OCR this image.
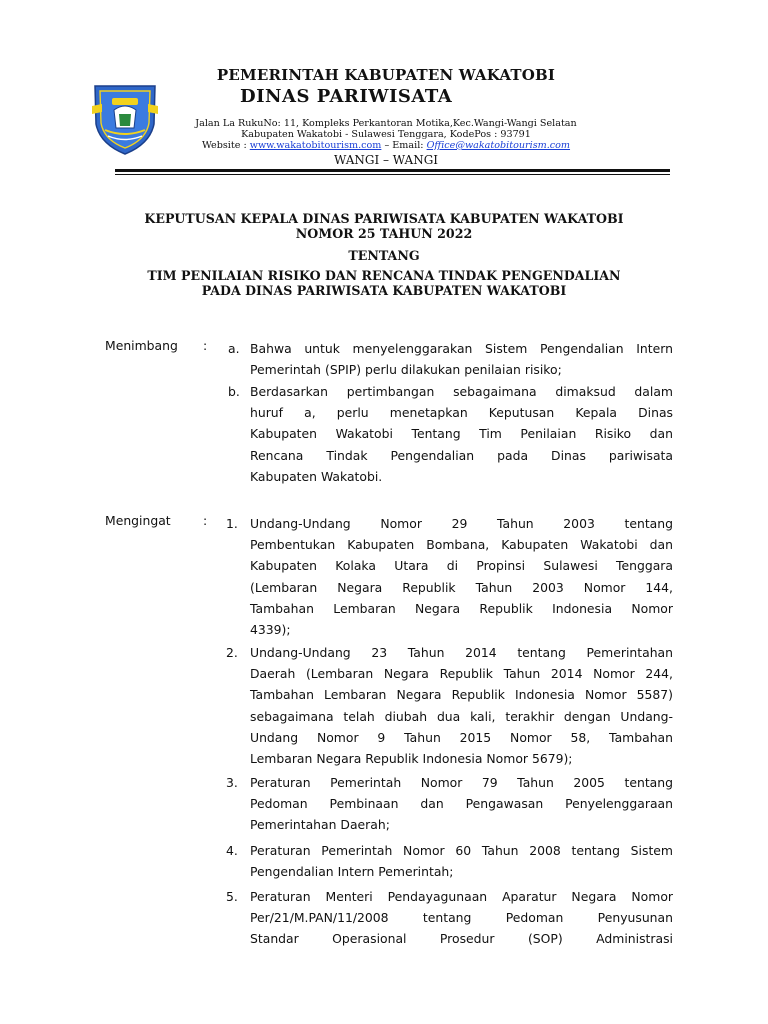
PEMERINTAH KABUPATEN WAKATOBI
DINAS PARIWISATA
Jalan La RukuNo: 11, Kompleks Perkantoran Motika,Kec.Wangi-Wangi Selatan
Kabupaten Wakatobi - Sulawesi Tenggara, KodePos : 93791
Website : www.wakatobitourism.com – Email: Office@wakatobitourism.com
WANGI – WANGI
KEPUTUSAN KEPALA DINAS PARIWISATA KABUPATEN WAKATOBI
NOMOR 25 TAHUN 2022
TENTANG
TIM PENILAIAN RISIKO DAN RENCANA TINDAK PENGENDALIAN
PADA DINAS PARIWISATA KABUPATEN WAKATOBI
Menimbang : a. Bahwa untuk menyelenggarakan Sistem Pengendalian Intern
Pemerintah (SPIP) perlu dilakukan penilaian risiko;
b. Berdasarkan pertimbangan sebagaimana dimaksud dalam
huruf a, perlu menetapkan Keputusan Kepala Dinas
Kabupaten Wakatobi Tentang Tim Penilaian Risiko dan
Rencana Tindak Pengendalian pada Dinas pariwisata
Kabupaten Wakatobi.
Mengingat	: 1. Undang-Undang Nomor 29 Tahun 2003 tentang
Pembentukan Kabupaten Bombana, Kabupaten Wakatobi dan
Kabupaten Kolaka Utara di Propinsi Sulawesi Tenggara
(Lembaran Negara Republik Tahun 2003 Nomor 144,
Tambahan Lembaran Negara Republik Indonesia Nomor
4339);
2. Undang-Undang 23 Tahun 2014 tentang Pemerintahan
Daerah (Lembaran Negara Republik Tahun 2014 Nomor 244,
Tambahan Lembaran Negara Republik Indonesia Nomor 5587)
sebagaimana telah diubah dua kali, terakhir dengan Undang-
Undang Nomor 9 Tahun 2015 Nomor 58, Tambahan
Lembaran Negara Republik Indonesia Nomor 5679);
3. Peraturan Pemerintah Nomor 79 Tahun 2005 tentang
Pedoman Pembinaan dan Pengawasan Penyelenggaraan
Pemerintahan Daerah;
4. Peraturan Pemerintah Nomor 60 Tahun 2008 tentang Sistem
Pengendalian Intern Pemerintah;
5. Peraturan Menteri Pendayagunaan Aparatur Negara Nomor
Per/21/M.PAN/11/2008 tentang Pedoman Penyusunan
Standar Operasional Prosedur (SOP) Administrasi
